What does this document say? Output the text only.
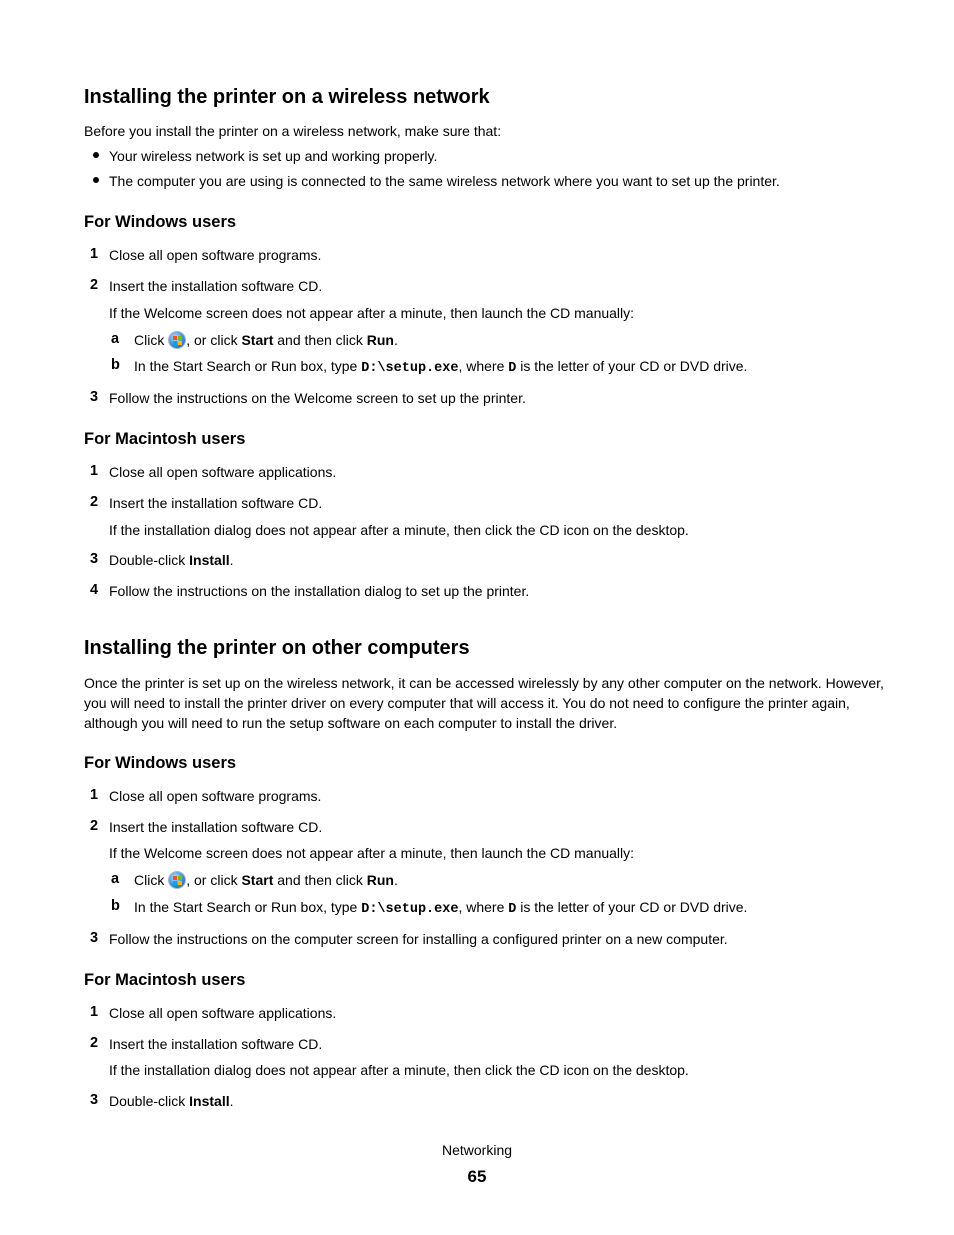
Installing the printer on a wireless network
Before you install the printer on a wireless network, make sure that:
Your wireless network is set up and working properly.
The computer you are using is connected to the same wireless network where you want to set up the printer.
For Windows users
1 Close all open software programs.
2 Insert the installation software CD.
If the Welcome screen does not appear after a minute, then launch the CD manually:
a Click
, or click Start and then click Run.
b In the Start Search or Run box, type D:\setup.exe, where D is the letter of your CD or DVD drive.
3 Follow the instructions on the Welcome screen to set up the printer.
For Macintosh users
1 Close all open software applications.
2 Insert the installation software CD.
If the installation dialog does not appear after a minute, then click the CD icon on the desktop.
3 Double-click Install.
4 Follow the instructions on the installation dialog to set up the printer.
Installing the printer on other computers
Once the printer is set up on the wireless network, it can be accessed wirelessly by any other computer on the network. However, you will need to install the printer driver on every computer that will access it. You do not need to configure the printer again, although you will need to run the setup software on each computer to install the driver.
For Windows users
1 Close all open software programs.
2 Insert the installation software CD.
If the Welcome screen does not appear after a minute, then launch the CD manually:
a Click
, or click Start and then click Run.
b In the Start Search or Run box, type D:\setup.exe, where D is the letter of your CD or DVD drive.
3 Follow the instructions on the computer screen for installing a configured printer on a new computer.
For Macintosh users
1 Close all open software applications.
2 Insert the installation software CD.
If the installation dialog does not appear after a minute, then click the CD icon on the desktop.
3 Double-click Install.
Networking
65
